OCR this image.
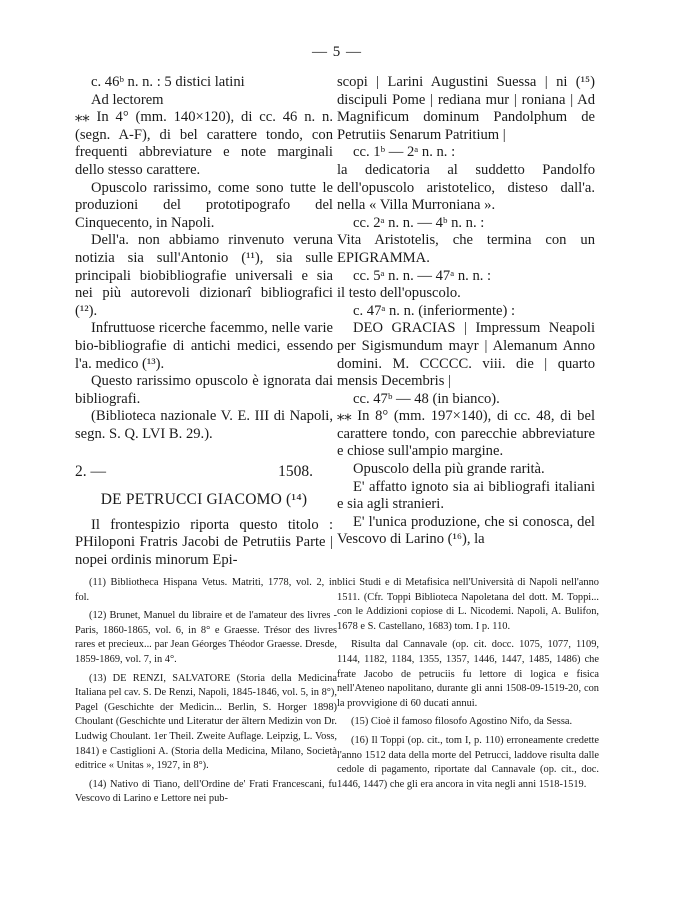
— 5 —

c. 46ᵇ n. n. : 5 distici latini

Ad lectorem

⁎⁎ In 4° (mm. 140×120), di cc. 46 n. n. (segn. A-F), di bel carattere tondo, con frequenti abbreviature e note marginali dello stesso carattere.

Opuscolo rarissimo, come sono tutte le produzioni del prototipografo del Cinquecento, in Napoli.

Dell'a. non abbiamo rinvenuto veruna notizia sia sull'Antonio (¹¹), sia sulle principali biobibliografie universali e sia nei più autorevoli dizionarî bibliografici (¹²).

Infruttuose ricerche facemmo, nelle varie bio-bibliografie di antichi medici, essendo l'a. medico (¹³).

Questo rarissimo opuscolo è ignorata dai bibliografi.

(Biblioteca nazionale V. E. III di Napoli, segn. S. Q. LVI B. 29.).

2. —	1508.

DE PETRUCCI GIACOMO (¹⁴)

Il frontespizio riporta questo titolo : PHiloponi Fratris Jacobi de Petrutiis Parte | nopei ordinis minorum Epi-

scopi | Larini Augustini Suessa | ni (¹⁵) discipuli Pome | rediana mur | roniana | Ad Magnificum dominum Pandolphum de Petrutiis Senarum Patritium |

cc. 1ᵇ — 2ᵃ n. n. :

la dedicatoria al suddetto Pandolfo dell'opuscolo aristotelico, disteso dall'a. nella « Villa Murroniana ».

cc. 2ᵃ n. n. — 4ᵇ n. n. :

Vita Aristotelis, che termina con un EPIGRAMMA.

cc. 5ᵃ n. n. — 47ᵃ n. n. :

il testo dell'opuscolo.

c. 47ᵃ n. n. (inferiormente) :

DEO GRACIAS | Impressum Neapoli per Sigismundum mayr | Alemanum Anno domini. M. CCCCC. viii. die | quarto mensis Decembris |

cc. 47ᵇ — 48 (in bianco).

⁎⁎ In 8° (mm. 197×140), di cc. 48, di bel carattere tondo, con parecchie abbreviature e chiose sull'ampio margine.

Opuscolo della più grande rarità.

E' affatto ignoto sia ai bibliografi italiani e sia agli stranieri.

E' l'unica produzione, che si conosca, del Vescovo di Larino (¹⁶), la

(11) Bibliotheca Hispana Vetus. Matriti, 1778, vol. 2, in fol.

(12) Brunet, Manuel du libraire et de l'amateur des livres - Paris, 1860-1865, vol. 6, in 8° e Graesse. Trésor des livres rares et precieux... par Jean Géorges Théodor Graesse. Dresde, 1859-1869, vol. 7, in 4°.

(13) DE RENZI, SALVATORE (Storia della Medicina Italiana pel cav. S. De Renzi, Napoli, 1845-1846, vol. 5, in 8°), Pagel (Geschichte der Medicin... Berlin, S. Horger 1898) Choulant (Geschichte und Literatur der ältern Medizin von Dr. Ludwig Choulant. 1er Theil. Zweite Auflage. Leipzig, L. Voss, 1841) e Castiglioni A. (Storia della Medicina, Milano, Società editrice « Unitas », 1927, in 8°).

(14) Nativo di Tiano, dell'Ordine de' Frati Francescani, fu Vescovo di Larino e Lettore nei pub-

blici Studi e di Metafisica nell'Università di Napoli nell'anno 1511. (Cfr. Toppi Biblioteca Napoletana del dott. M. Toppi... con le Addizioni copiose di L. Nicodemi. Napoli, A. Bulifon, 1678 e S. Castellano, 1683) tom. I p. 110.

Risulta dal Cannavale (op. cit. docc. 1075, 1077, 1109, 1144, 1182, 1184, 1355, 1357, 1446, 1447, 1485, 1486) che frate Jacobo de petruciis fu lettore di logica e fisica nell'Ateneo napolitano, durante gli anni 1508-09-1519-20, con la provvigione di 60 ducati annui.

(15) Cioè il famoso filosofo Agostino Nifo, da Sessa.

(16) Il Toppi (op. cit., tom I, p. 110) erroneamente credette l'anno 1512 data della morte del Petrucci, laddove risulta dalle cedole di pagamento, riportate dal Cannavale (op. cit., doc. 1446, 1447) che gli era ancora in vita negli anni 1518-1519.
